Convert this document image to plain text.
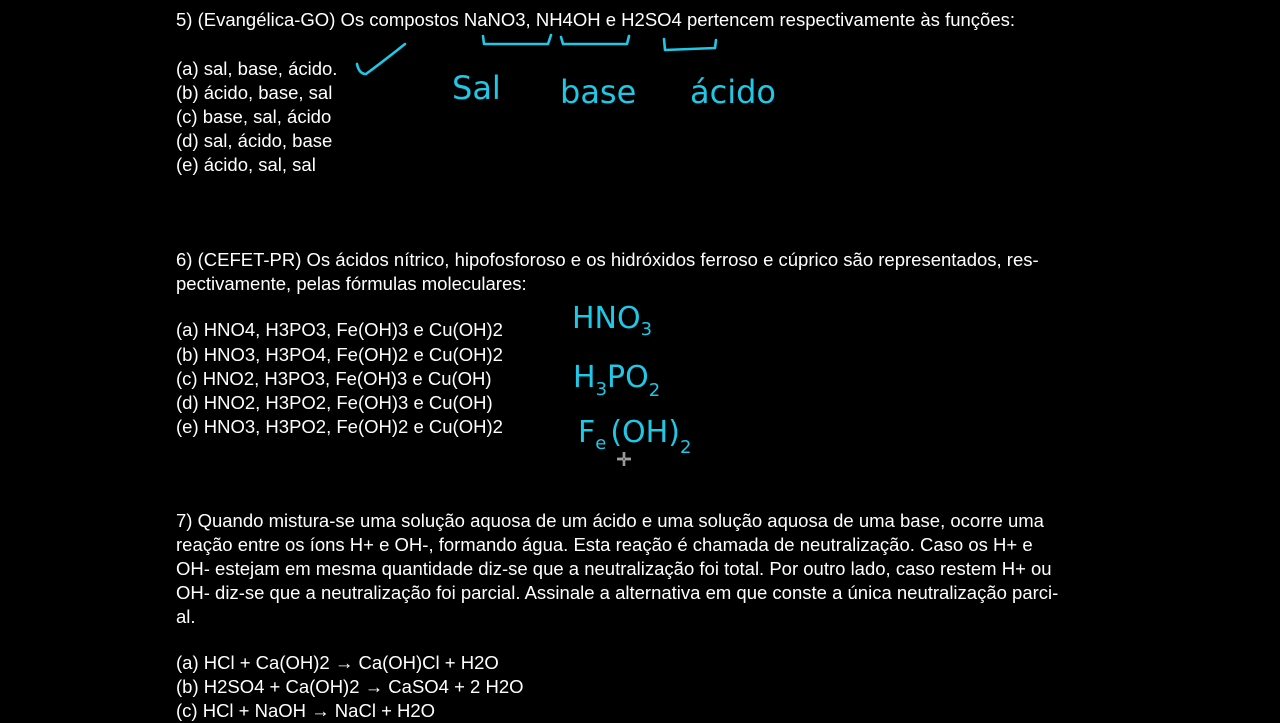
5) (Evangélica-GO) Os compostos NaNO3, NH4OH e H2SO4 pertencem respectivamente às funções:
(a) sal, base, ácido.
(b) ácido, base, sal
(c) base, sal, ácido
(d) sal, ácido, base
(e) ácido, sal, sal
6) (CEFET-PR) Os ácidos nítrico, hipofosforoso e os hidróxidos ferroso e cúprico são representados, res-
pectivamente, pelas fórmulas moleculares:
(a) HNO4, H3PO3, Fe(OH)3 e Cu(OH)2
(b) HNO3, H3PO4, Fe(OH)2 e Cu(OH)2
(c) HNO2, H3PO3, Fe(OH)3 e Cu(OH)
(d) HNO2, H3PO2, Fe(OH)3 e Cu(OH)
(e) HNO3, H3PO2, Fe(OH)2 e Cu(OH)2
7) Quando mistura-se uma solução aquosa de um ácido e uma solução aquosa de uma base, ocorre uma
reação entre os íons H+ e OH-, formando água. Esta reação é chamada de neutralização. Caso os H+ e
OH- estejam em mesma quantidade diz-se que a neutralização foi total. Por outro lado, caso restem H+ ou
OH- diz-se que a neutralização foi parcial. Assinale a alternativa em que conste a única neutralização parci-
al.
(a) HCl + Ca(OH)2 → Ca(OH)Cl + H2O
(b) H2SO4 + Ca(OH)2 → CaSO4 + 2 H2O
(c) HCl + NaOH → NaCl + H2O
Sal base ácido
$HNO_3$
$H_3PO_2$
$F_e$ $(OH)_2$
